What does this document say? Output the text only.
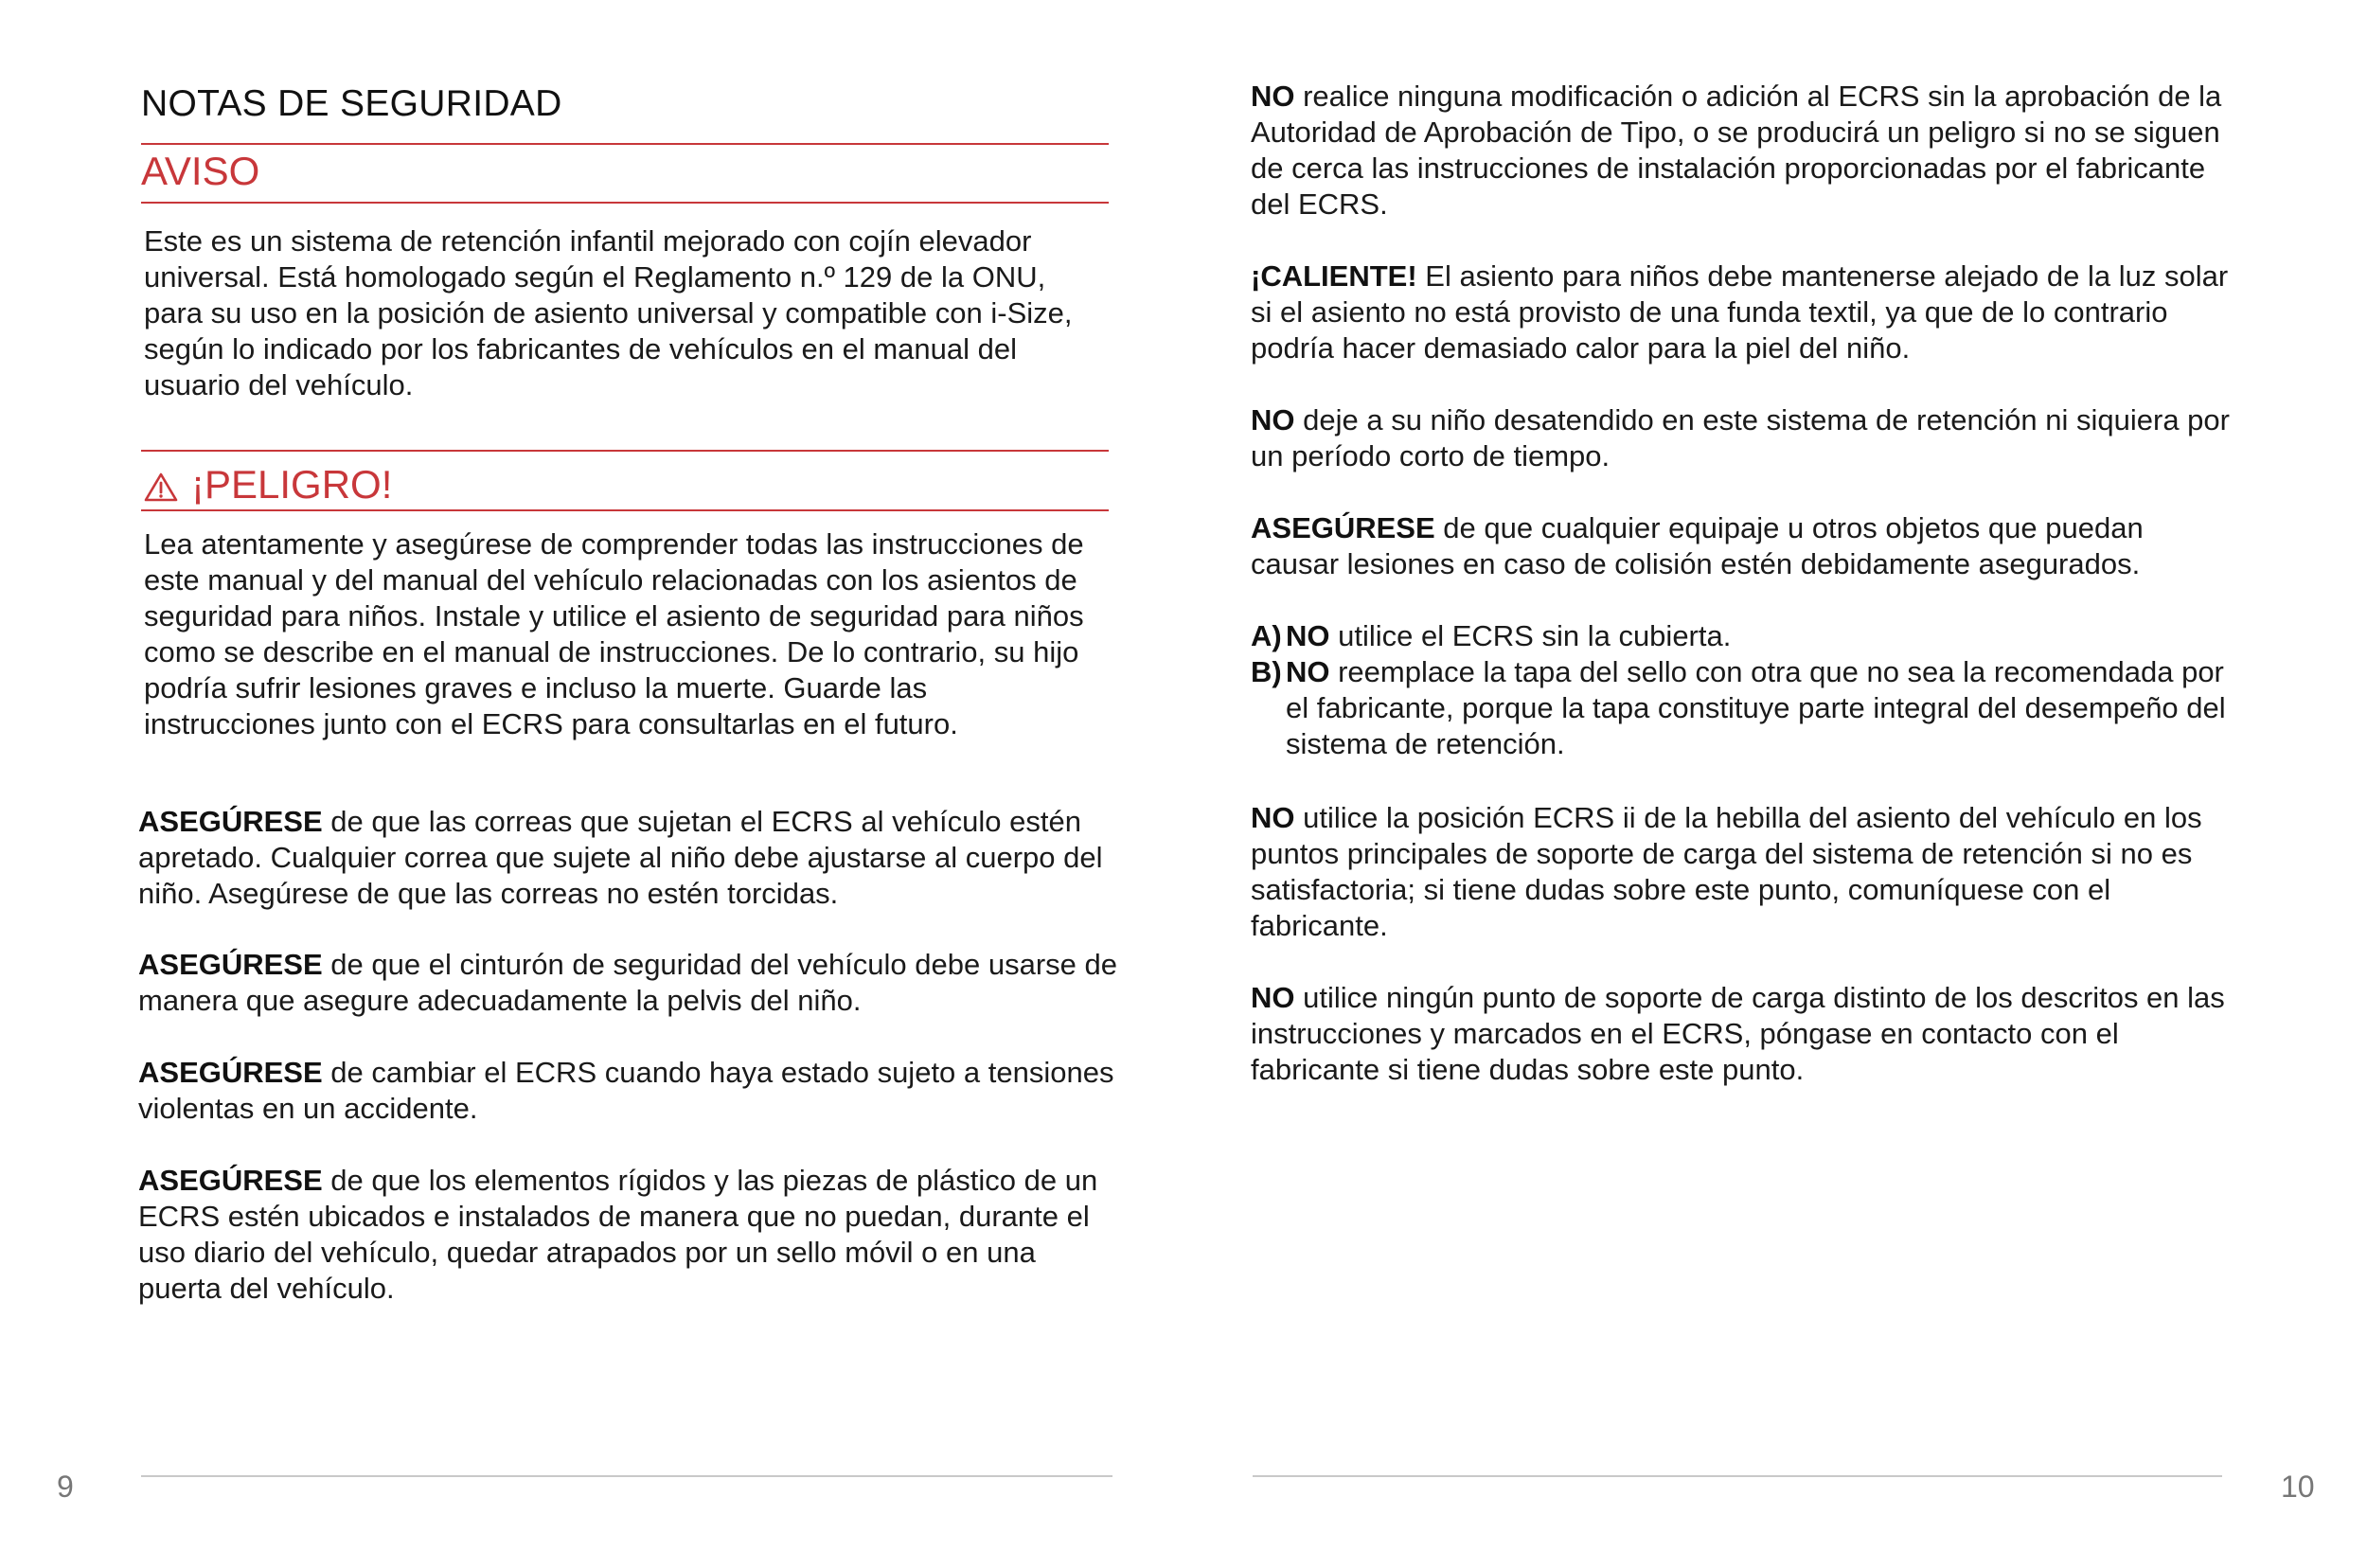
NOTAS DE SEGURIDAD
AVISO
Este es un sistema de retención infantil mejorado con cojín elevador universal. Está homologado según el Reglamento n.º 129 de la ONU, para su uso en la posición de asiento universal y compatible con i-Size, según lo indicado por los fabricantes de vehículos en el manual del usuario del vehículo.
¡PELIGRO!
Lea atentamente y asegúrese de comprender todas las instrucciones de este manual y del manual del vehículo relacionadas con los asientos de seguridad para niños. Instale y utilice el asiento de seguridad para niños como se describe en el manual de instrucciones. De lo contrario, su hijo podría sufrir lesiones graves e incluso la muerte. Guarde las instrucciones junto con el ECRS para consultarlas en el futuro.
ASEGÚRESE de que las correas que sujetan el ECRS al vehículo estén apretado. Cualquier correa que sujete al niño debe ajustarse al cuerpo del niño. Asegúrese de que las correas no estén torcidas.
ASEGÚRESE de que el cinturón de seguridad del vehículo debe usarse de manera que asegure adecuadamente la pelvis del niño.
ASEGÚRESE de cambiar el ECRS cuando haya estado sujeto a tensiones violentas en un accidente.
ASEGÚRESE de que los elementos rígidos y las piezas de plástico de un ECRS estén ubicados e instalados de manera que no puedan, durante el uso diario del vehículo, quedar atrapados por un sello móvil o en una puerta del vehículo.
9
NO realice ninguna modificación o adición al ECRS sin la aprobación de la Autoridad de Aprobación de Tipo, o se producirá un peligro si no se siguen de cerca las instrucciones de instalación proporcionadas por el fabricante del ECRS.
¡CALIENTE! El asiento para niños debe mantenerse alejado de la luz solar si el asiento no está provisto de una funda textil, ya que de lo contrario podría hacer demasiado calor para la piel del niño.
NO deje a su niño desatendido en este sistema de retención ni siquiera por un período corto de tiempo.
ASEGÚRESE de que cualquier equipaje u otros objetos que puedan causar lesiones en caso de colisión estén debidamente asegurados.
A) NO utilice el ECRS sin la cubierta.
B) NO reemplace la tapa del sello con otra que no sea la recomendada por el fabricante, porque la tapa constituye parte integral del desempeño del sistema de retención.
NO utilice la posición ECRS ii de la hebilla del asiento del vehículo en los puntos principales de soporte de carga del sistema de retención si no es satisfactoria; si tiene dudas sobre este punto, comuníquese con el fabricante.
NO utilice ningún punto de soporte de carga distinto de los descritos en las instrucciones y marcados en el ECRS, póngase en contacto con el fabricante si tiene dudas sobre este punto.
10
